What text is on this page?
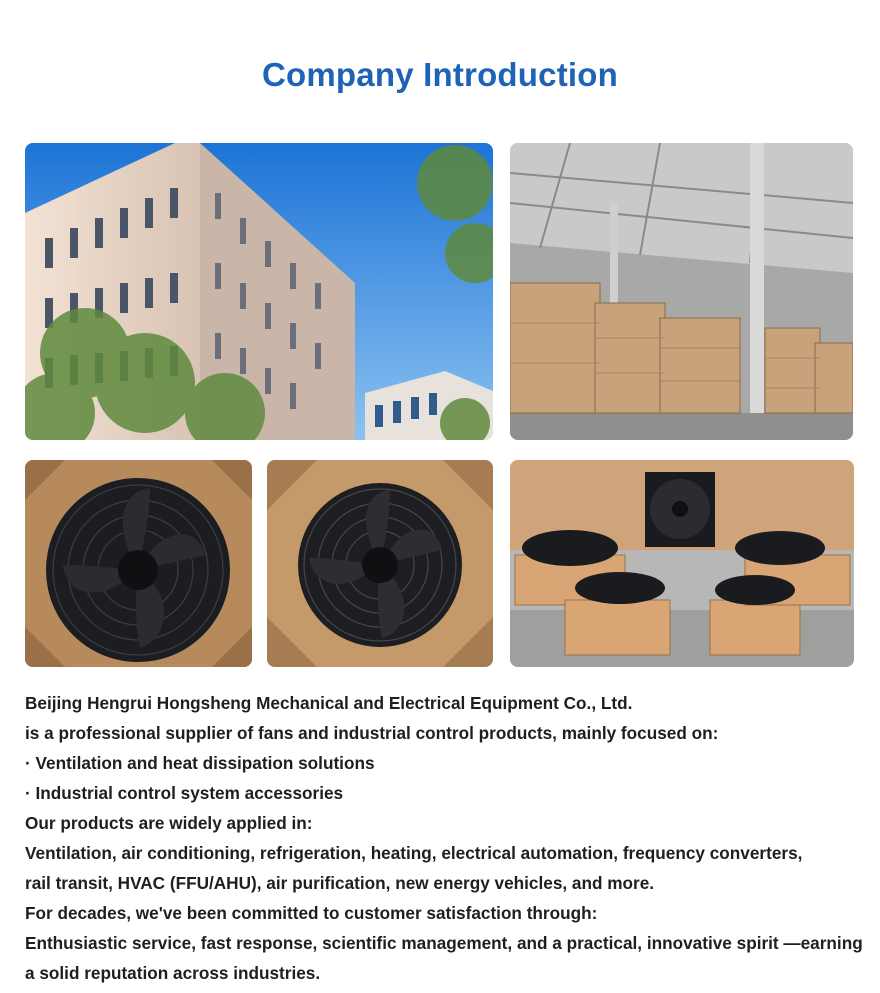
Company Introduction
Beijing Hengrui Hongsheng Mechanical and Electrical Equipment Co., Ltd.
is a professional supplier of fans and industrial control products, mainly focused on:
· Ventilation and heat dissipation solutions
· Industrial control system accessories
Our products are widely applied in:
Ventilation, air conditioning, refrigeration, heating, electrical automation, frequency converters,
rail transit, HVAC (FFU/AHU), air purification, new energy vehicles, and more.
For decades, we've been committed to customer satisfaction through:
Enthusiastic service, fast response, scientific management, and a practical, innovative spirit —earning
a solid reputation across industries.
